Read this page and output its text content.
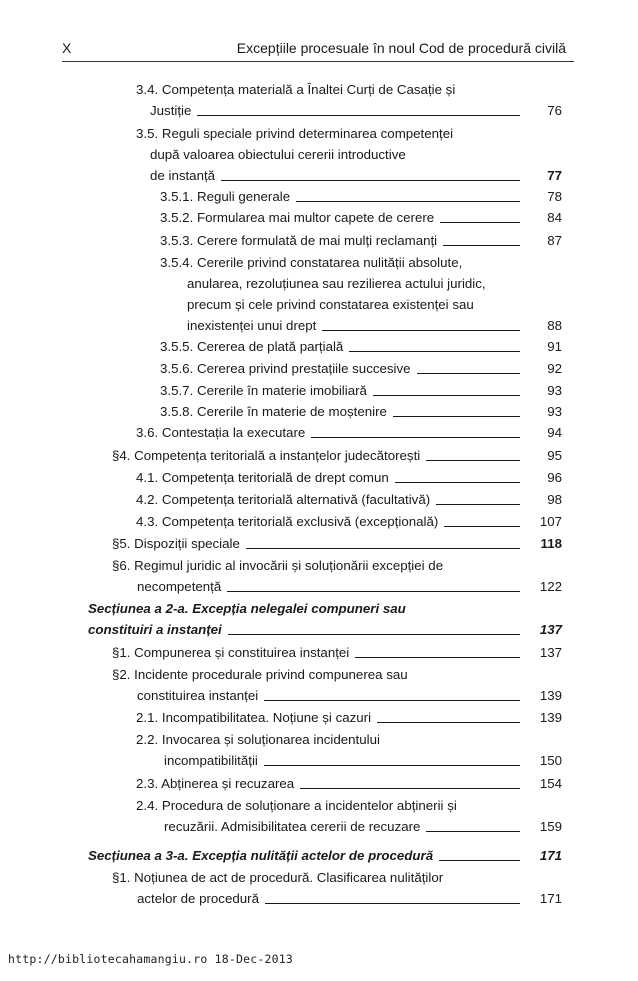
X	Excepțiile procesuale în noul Cod de procedură civilă
3.4. Competența materială a Înaltei Curți de Casație și
Justiție	76
3.5. Reguli speciale privind determinarea competenței
după valoarea obiectului cererii introductive
de instanță	77
3.5.1. Reguli generale	78
3.5.2. Formularea mai multor capete de cerere	84
3.5.3. Cerere formulată de mai mulți reclamanți	87
3.5.4. Cererile privind constatarea nulității absolute,
anularea, rezoluțiunea sau rezilierea actului juridic,
precum și cele privind constatarea existenței sau
inexistenței unui drept	88
3.5.5. Cererea de plată parțială	91
3.5.6. Cererea privind prestațiile succesive	92
3.5.7. Cererile în materie imobiliară	93
3.5.8. Cererile în materie de moștenire	93
3.6. Contestația la executare	94
§4. Competența teritorială a instanțelor judecătorești	95
4.1. Competența teritorială de drept comun	96
4.2. Competența teritorială alternativă (facultativă)	98
4.3. Competența teritorială exclusivă (excepțională)	107
§5. Dispoziții speciale	118
§6. Regimul juridic al invocării și soluționării excepției de
necompetență	122
Secțiunea a 2-a. Excepția nelegalei compuneri sau
constituiri a instanței	137
§1. Compunerea și constituirea instanței	137
§2. Incidente procedurale privind compunerea sau
constituirea instanței	139
2.1. Incompatibilitatea. Noțiune și cazuri	139
2.2. Invocarea și soluționarea incidentului
incompatibilității	150
2.3. Abținerea și recuzarea	154
2.4. Procedura de soluționare a incidentelor abținerii și
recuzării. Admisibilitatea cererii de recuzare	159
Secțiunea a 3-a. Excepția nulității actelor de procedură	171
§1. Noțiunea de act de procedură. Clasificarea nulităților
actelor de procedură	171
http://bibliotecahamangiu.ro 18-Dec-2013
